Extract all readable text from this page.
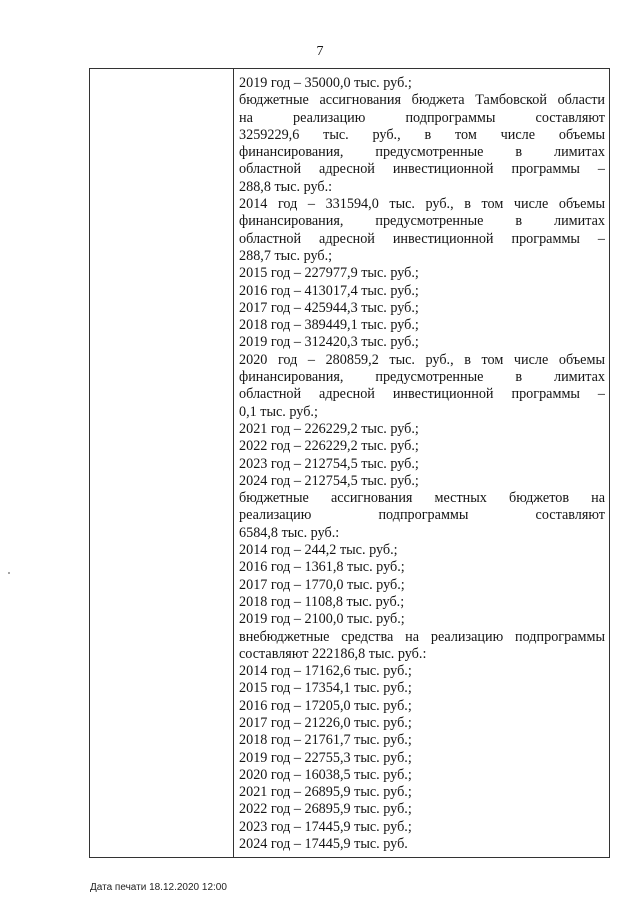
7
2019 год – 35000,0 тыс. руб.;
бюджетные ассигнования бюджета Тамбовской области
на реализацию подпрограммы составляют
3259229,6 тыс. руб., в том числе объемы
финансирования, предусмотренные в лимитах
областной адресной инвестиционной программы –
288,8 тыс. руб.:
2014 год – 331594,0 тыс. руб., в том числе объемы
финансирования, предусмотренные в лимитах
областной адресной инвестиционной программы –
288,7 тыс. руб.;
2015 год – 227977,9 тыс. руб.;
2016 год – 413017,4 тыс. руб.;
2017 год – 425944,3 тыс. руб.;
2018 год – 389449,1 тыс. руб.;
2019 год – 312420,3 тыс. руб.;
2020 год – 280859,2 тыс. руб., в том числе объемы
финансирования, предусмотренные в лимитах
областной адресной инвестиционной программы –
0,1 тыс. руб.;
2021 год – 226229,2 тыс. руб.;
2022 год – 226229,2 тыс. руб.;
2023 год – 212754,5 тыс. руб.;
2024 год – 212754,5 тыс. руб.;
бюджетные ассигнования местных бюджетов на
реализацию подпрограммы составляют
6584,8 тыс. руб.:
2014 год – 244,2 тыс. руб.;
2016 год – 1361,8 тыс. руб.;
2017 год – 1770,0 тыс. руб.;
2018 год – 1108,8 тыс. руб.;
2019 год – 2100,0 тыс. руб.;
внебюджетные средства на реализацию подпрограммы
составляют 222186,8 тыс. руб.:
2014 год – 17162,6 тыс. руб.;
2015 год – 17354,1 тыс. руб.;
2016 год – 17205,0 тыс. руб.;
2017 год – 21226,0 тыс. руб.;
2018 год – 21761,7 тыс. руб.;
2019 год – 22755,3 тыс. руб.;
2020 год – 16038,5 тыс. руб.;
2021 год – 26895,9 тыс. руб.;
2022 год – 26895,9 тыс. руб.;
2023 год – 17445,9 тыс. руб.;
2024 год – 17445,9 тыс. руб.
Дата печати 18.12.2020 12:00
